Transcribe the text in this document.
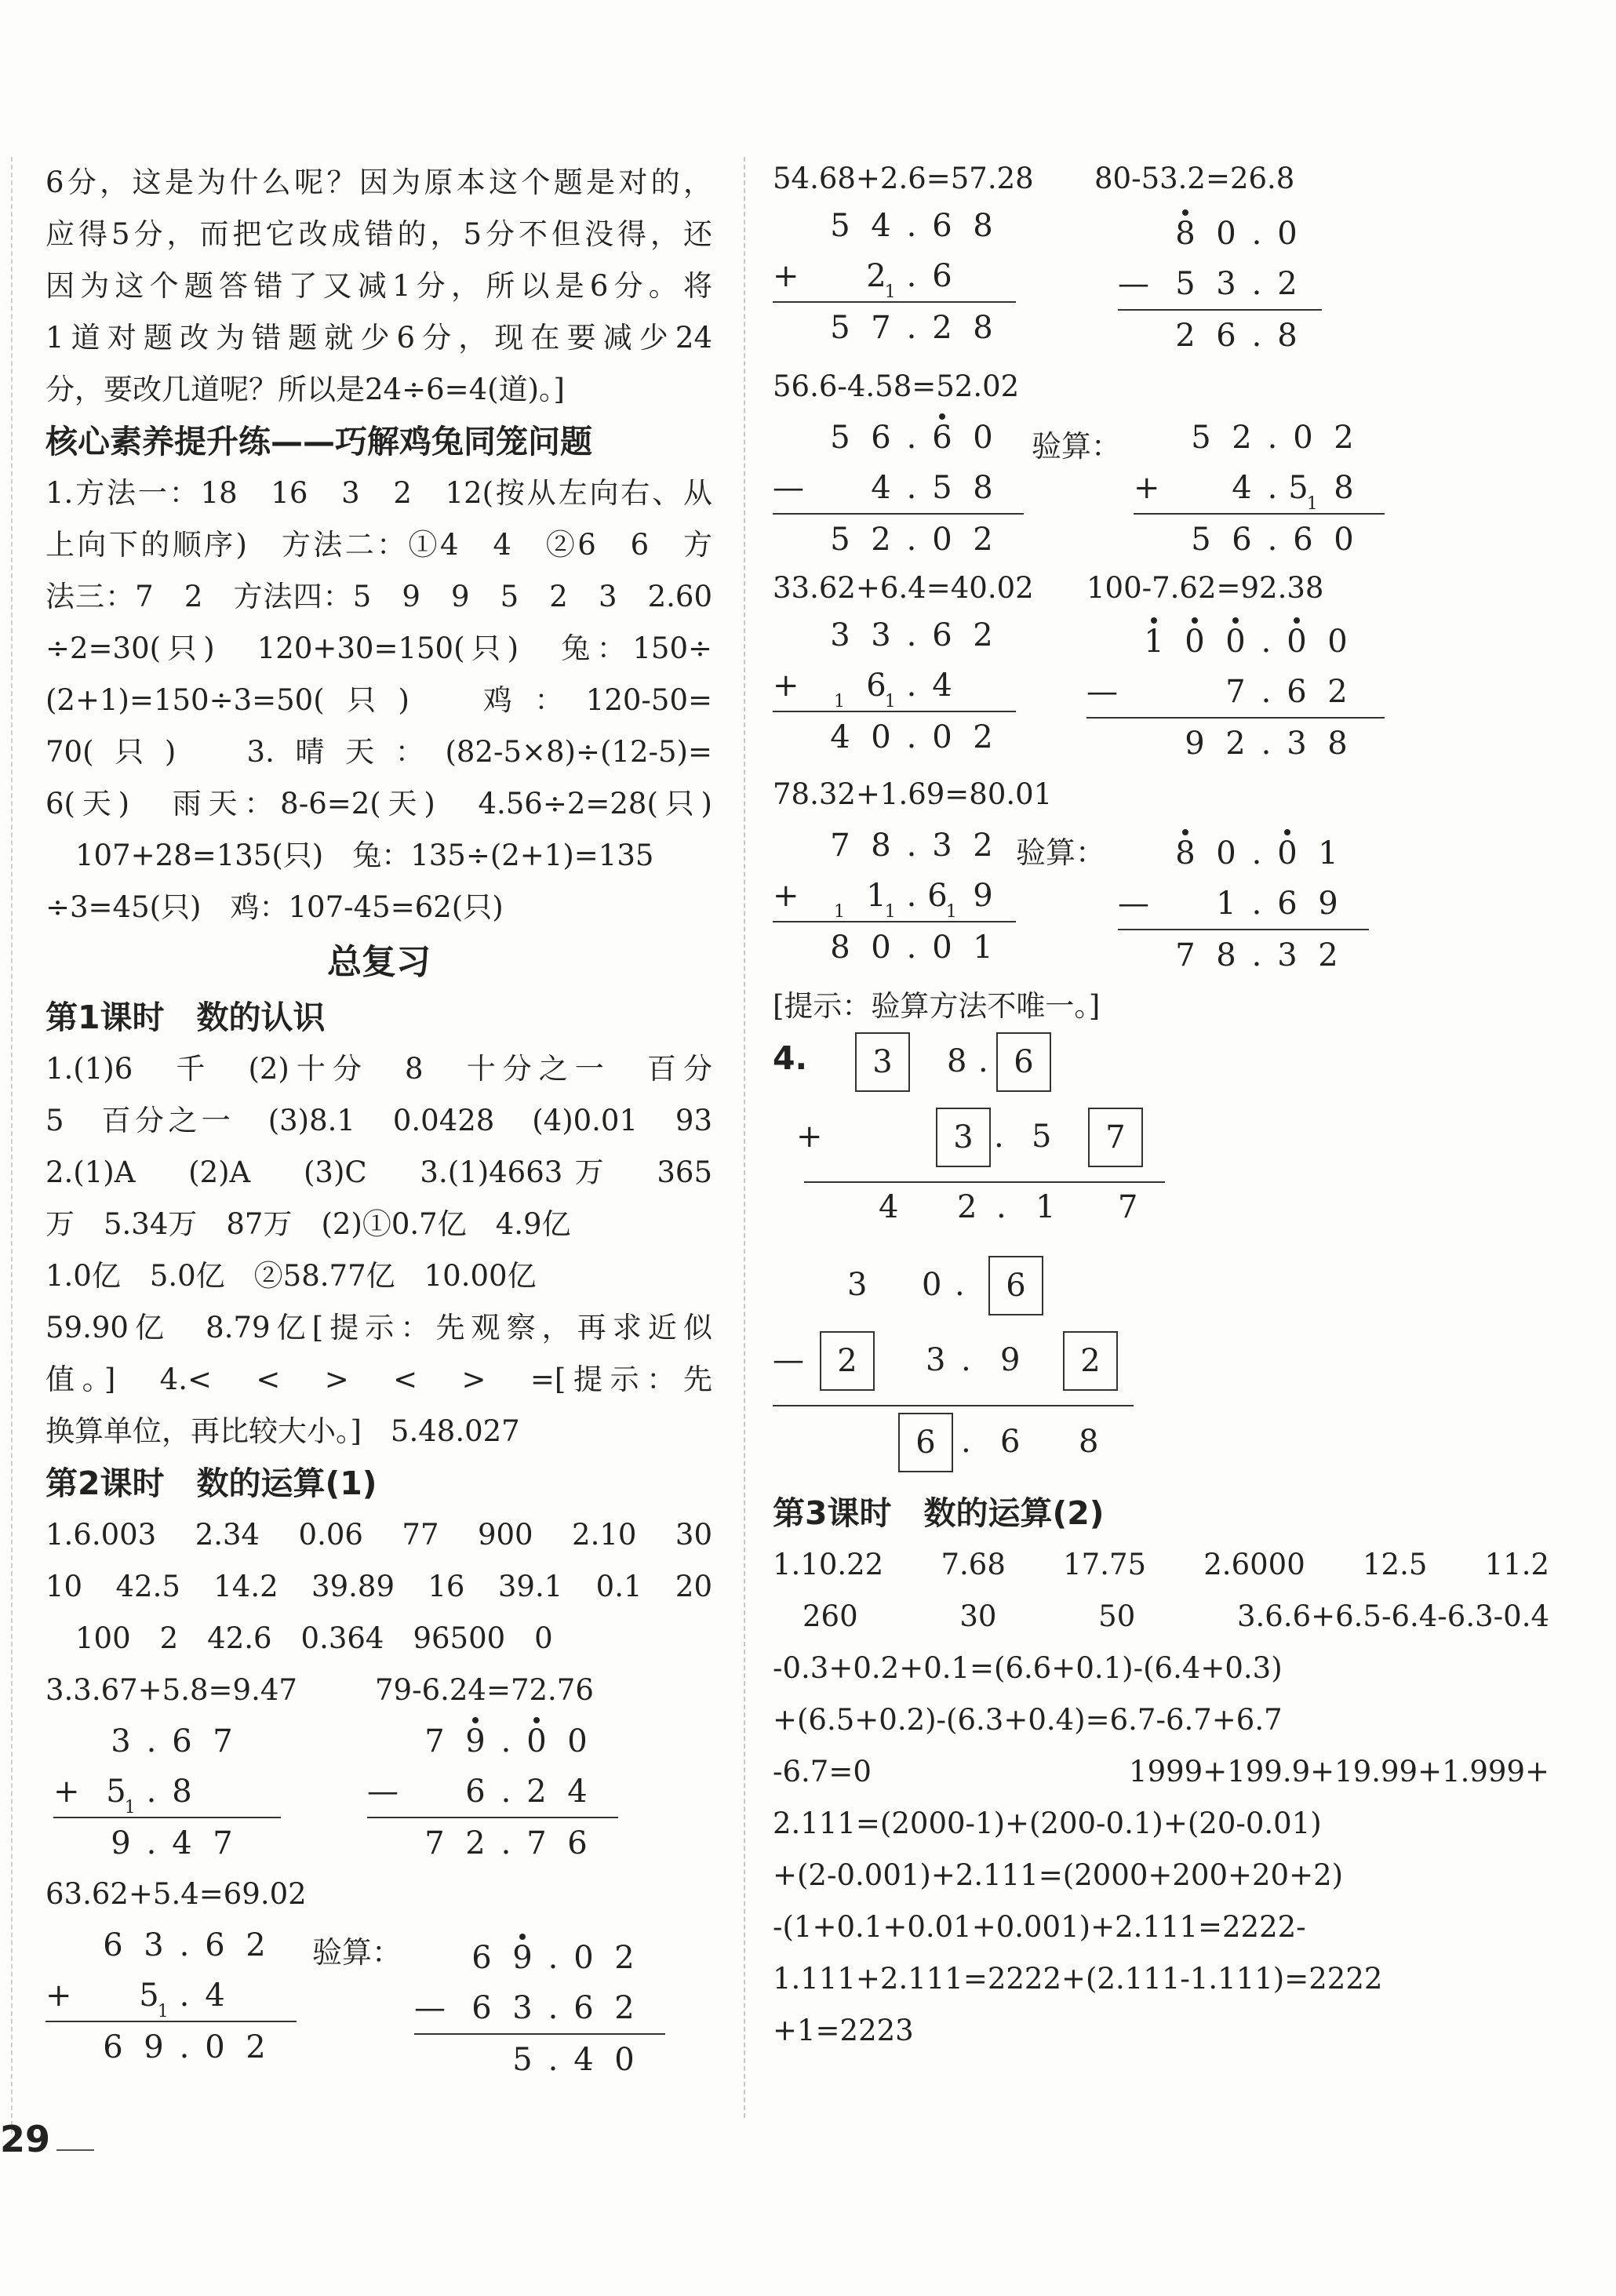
6分，这是为什么呢？因为原本这个题是对的，

应得5分，而把它改成错的，5分不但没得，还

因为这个题答错了又减1分，所以是6分。将

1道对题改为错题就少6分，现在要减少24

分，要改几道呢？所以是24÷6=4(道)。]

核心素养提升练——巧解鸡兔同笼问题

1.方法一：18　16　3　2　12(按从左向右、从

上向下的顺序)　方法二：①4　4　②6　6　方

法三：7　2　方法四：5　9　9　5　2　3　2.60

÷2=30(只)　120+30=150(只)　兔：150÷

(2+1)=150÷3=50(只)　鸡：120-50=

70(只)　3.晴天：(82-5×8)÷(12-5)=

6(天)　雨天：8-6=2(天)　4.56÷2=28(只)

107+28=135(只)　兔：135÷(2+1)=135

÷3=45(只)　鸡：107-45=62(只)

总复习

第1课时　数的认识

1.(1)6　千　(2)十分　8　十分之一　百分

5　百分之一　(3)8.1　0.0428　(4)0.01　93

2.(1)A　(2)A　(3)C　3.(1)4663万　365

万　5.34万　87万　(2)①0.7亿　4.9亿

1.0亿　5.0亿　②58.77亿　10.00亿

59.90亿　8.79亿[提示：先观察，再求近似

值。]　4.<　<　>　<　>　=[提示：先

换算单位，再比较大小。]　5.48.027

第2课时　数的运算(1)

1.6.003　2.34　0.06　77　900　2.10　30

10　42.5　14.2　39.89　16　39.1　0.1　20

100　2　42.6　0.364　96500　0

3.3.67+5.8=9.47	79-6.24=72.76
3 . 6 7
+ $5_1$ . 8
9 . 4 7
7 9 . 0 0
—	6 . 2 4
7 2 . 7 6

63.62+5.4=69.02

6 3 . 6 2
+	$5_1$ . 4
6 9 . 0 2
验算：	6 9 . 0 2
— 6 3 . 6 2
5 . 4 0
54.68+2.6=57.28	80-53.2=26.8
5 4 . 6 8
+	$2_1$ . 6
5 7 . 2 8
8 0 . 0
— 5 3 . 2
2 6 . 8

56.6-4.58=52.02

5 6 . 6 0
—	4 . 5 8
5 2 . 0 2
验算：	5 2 . 0 2
+	4 . $5_1$ 8
5 6 . 6 0
33.62+6.4=40.02	100-7.62=92.38
3 3 . 6 2
+	$_1$ $6_1$ . 4
4 0 . 0 2
1 0 0 . 0 0
—	7 . 6 2
9 2 . 3 8

78.32+1.69=80.01

7 8 . 3 2
+	$_1$ $1_1$ . $6_1$ 9
8 0 . 0 1
验算：	8 0 . 0 1
—	1 . 6 9
7 8 . 3 2

[提示：验算方法不唯一。]

4.	3	8 . 6
+	3 . 5	7
4 2 . 1 7
3 0 .	6
—	2	3 . 9	2
6 . 6 8

第3课时　数的运算(2)

1.10.22　7.68　17.75　2.6000　12.5　11.2

260　30　50　3.6.6+6.5-6.4-6.3-0.4

-0.3+0.2+0.1=(6.6+0.1)-(6.4+0.3)

+(6.5+0.2)-(6.3+0.4)=6.7-6.7+6.7

-6.7=0　1999+199.9+19.99+1.999+

2.111=(2000-1)+(200-0.1)+(20-0.01)

+(2-0.001)+2.111=(2000+200+20+2)

-(1+0.1+0.01+0.001)+2.111=2222-

1.111+2.111=2222+(2.111-1.111)=2222

+1=2223

29
